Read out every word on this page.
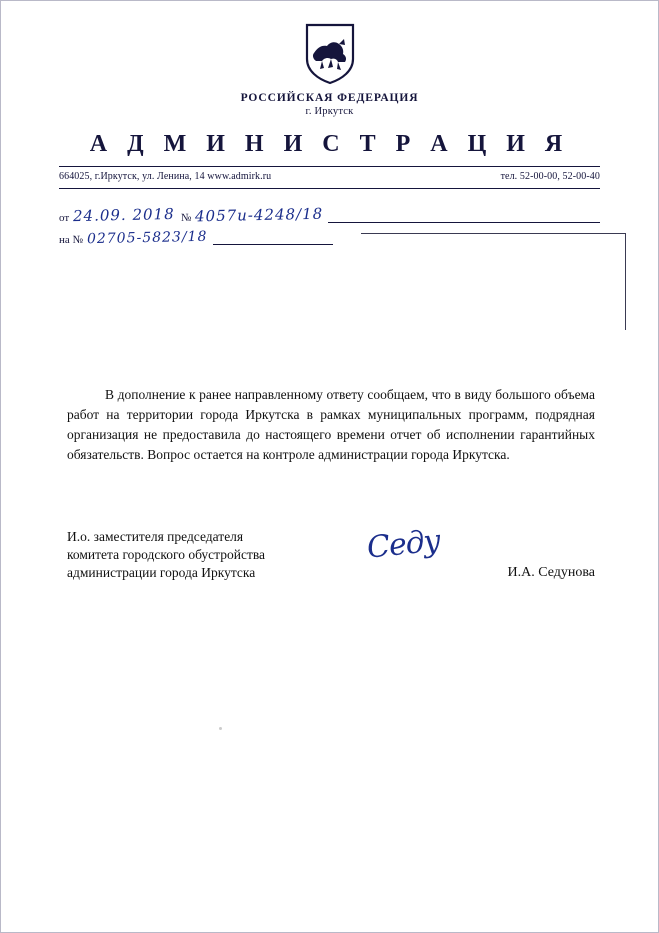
РОССИЙСКАЯ ФЕДЕРАЦИЯ
г. Иркутск
А Д М И Н И С Т Р А Ц И Я
664025, г.Иркутск, ул. Ленина, 14 www.admirk.ru	тел. 52-00-00, 52-00-40
от 24.09. 2018 № 4057и-4248/18
на № 02705-5823/18
В дополнение к ранее направленному ответу сообщаем, что в виду большого объема работ на территории города Иркутска в рамках муниципальных программ, подрядная организация не предоставила до настоящего времени отчет об исполнении гарантийных обязательств. Вопрос остается на контроле администрации города Иркутска.
И.о. заместителя председателя
комитета городского обустройства
администрации города Иркутска
Седу
И.А. Седунова
